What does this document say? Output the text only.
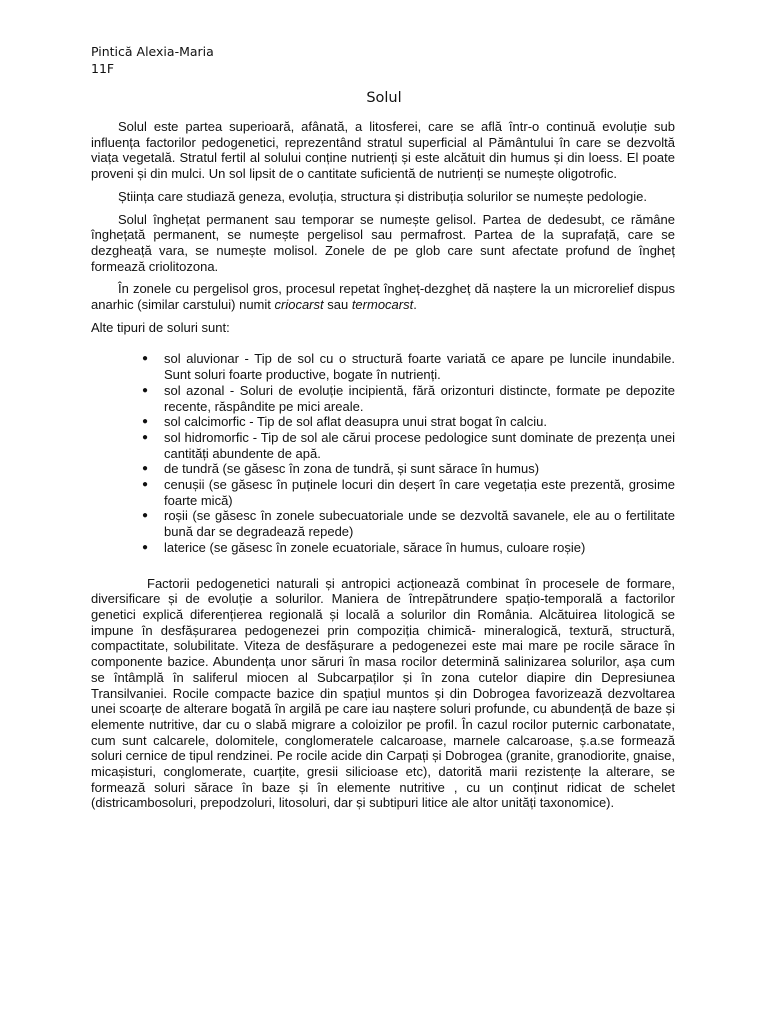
Pintică Alexia-Maria
11F
Solul

Solul este partea superioară, afânată, a litosferei, care se află într-o continuă evoluție sub influența factorilor pedogenetici, reprezentând stratul superficial al Pământului în care se dezvoltă viața vegetală. Stratul fertil al solului conține nutrienți și este alcătuit din humus și din loess. El poate proveni și din mulci. Un sol lipsit de o cantitate suficientă de nutrienți se numește oligotrofic.

Știința care studiază geneza, evoluția, structura și distribuția solurilor se numește pedologie.

Solul înghețat permanent sau temporar se numește gelisol. Partea de dedesubt, ce rămâne înghețată permanent, se numește pergelisol sau permafrost. Partea de la suprafață, care se dezgheață vara, se numește molisol. Zonele de pe glob care sunt afectate profund de îngheț formează criolitozona.

În zonele cu pergelisol gros, procesul repetat îngheț-dezgheț dă naștere la un microrelief dispus anarhic (similar carstului) numit criocarst sau termocarst.

Alte tipuri de soluri sunt:

● sol aluvionar - Tip de sol cu o structură foarte variată ce apare pe luncile inundabile. Sunt soluri foarte productive, bogate în nutrienți.
● sol azonal - Soluri de evoluție incipientă, fără orizonturi distincte, formate pe depozite recente, răspândite pe mici areale.
● sol calcimorfic - Tip de sol aflat deasupra unui strat bogat în calciu.
● sol hidromorfic - Tip de sol ale cărui procese pedologice sunt dominate de prezența unei cantități abundente de apă.
● de tundră (se găsesc în zona de tundră, și sunt sărace în humus)
● cenușii (se găsesc în puținele locuri din deșert în care vegetația este prezentă, grosime foarte mică)
● roșii (se găsesc în zonele subecuatoriale unde se dezvoltă savanele, ele au o fertilitate bună dar se degradează repede)
● laterice (se găsesc în zonele ecuatoriale, sărace în humus, culoare roșie)

Factorii pedogenetici naturali și antropici acționează combinat în procesele de formare, diversificare și de evoluție a solurilor. Maniera de întrepătrundere spațio-temporală a factorilor genetici explică diferențierea regională și locală a solurilor din România. Alcătuirea litologică se impune în desfășurarea pedogenezei prin compoziția chimică- mineralogică, textură, structură, compactitate, solubilitate. Viteza de desfășurare a pedogenezei este mai mare pe rocile sărace în componente bazice. Abundența unor săruri în masa rocilor determină salinizarea solurilor, așa cum se întâmplă în saliferul miocen al Subcarpaților și în zona cutelor diapire din Depresiunea Transilvaniei. Rocile compacte bazice din spațiul muntos și din Dobrogea favorizează dezvoltarea unei scoarțe de alterare bogată în argilă pe care iau naștere soluri profunde, cu abundență de baze și elemente nutritive, dar cu o slabă migrare a coloizilor pe profil. În cazul rocilor puternic carbonatate, cum sunt calcarele, dolomitele, conglomeratele calcaroase, marnele calcaroase, ș.a.se formează soluri cernice de tipul rendzinei. Pe rocile acide din Carpați și Dobrogea (granite, granodiorite, gnaise, micașisturi, conglomerate, cuarțite, gresii silicioase etc), datorită marii rezistențe la alterare, se formează soluri sărace în baze și în elemente nutritive , cu un conținut ridicat de schelet (districambosoluri, prepodzoluri, litosoluri, dar și subtipuri litice ale altor unități taxonomice).
